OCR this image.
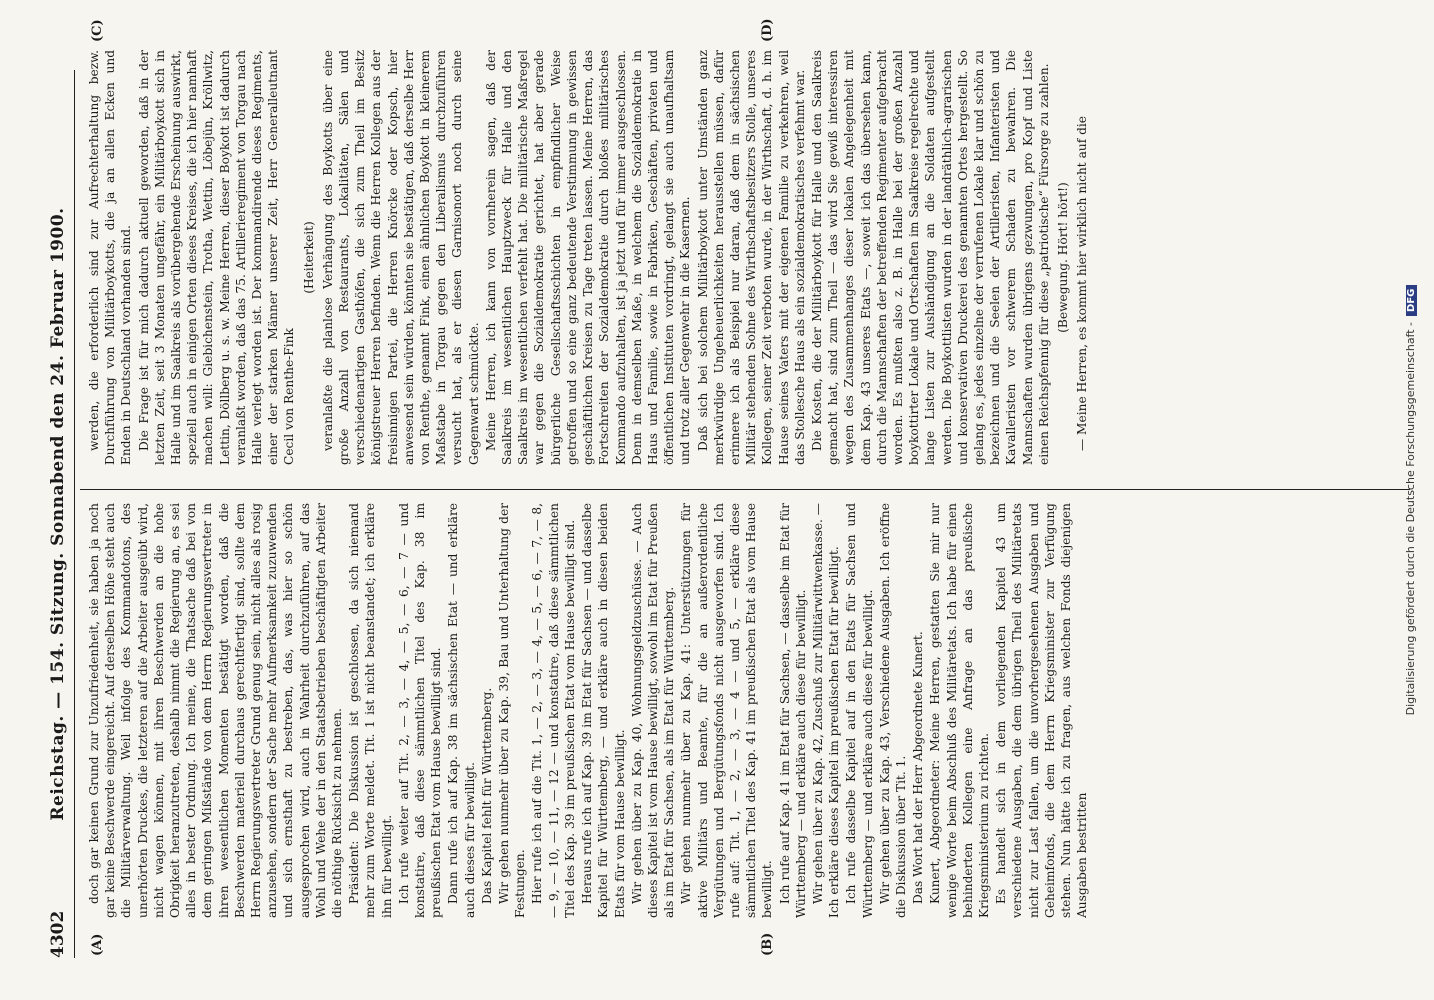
4302
Reichstag. — 154. Sitzung. Sonnabend den 24. Februar 1900.
(A)	(B)
(C)	(D)

doch gar keinen Grund zur Unzufriedenheit, sie haben ja noch gar keine Beschwerde eingereicht. Auf derselben Höhe steht auch die Militärverwaltung. Weil infolge des Kommandotons, des unerhörten Druckes, die letzteren auf die Arbeiter ausgeübt wird, nicht wagen können, mit ihren Beschwerden an die hohe Obrigkeit heranzutreten, deshalb nimmt die Regierung an, es sei alles in bester Ordnung. Ich meine, die Thatsache daß bei von dem geringen Mißstände von dem Herrn Regierungsvertreter in ihren wesentlichen Momenten bestätigt worden, daß die Beschwerden materiell durchaus gerechtfertigt sind, sollte dem Herrn Regierungsvertreter Grund genug sein, nicht alles als rosig anzusehen, sondern der Sache mehr Aufmerksamkeit zuzuwenden und sich ernsthaft zu bestreben, das, was hier so schön ausgesprochen wird, auch in Wahrheit durchzuführen, auf das Wohl und Wehe der in den Staatsbetrieben beschäftigten Arbeiter die nöthige Rücksicht zu nehmen. Präsident: Die Diskussion ist geschlossen, da sich niemand mehr zum Worte meldet. Tit. 1 ist nicht beanstandet; ich erkläre ihn für bewilligt. Ich rufe weiter auf Tit. 2, — 3, — 4, — 5, — 6, — 7 — und konstatire, daß diese sämmtlichen Titel des Kap. 38 im preußischen Etat vom Hause bewilligt sind. Dann rufe ich auf Kap. 38 im sächsischen Etat — und erkläre auch dieses für bewilligt. Das Kapitel fehlt für Württemberg. Wir gehen nunmehr über zu Kap. 39, Bau und Unterhaltung der Festungen. Hier rufe ich auf die Tit. 1, — 2, — 3, — 4, — 5, — 6, — 7, — 8, — 9, — 10, — 11, — 12 — und konstatire, daß diese sämmtlichen Titel des Kap. 39 im preußischen Etat vom Hause bewilligt sind. Heraus rufe ich auf Kap. 39 im Etat für Sachsen — und dasselbe Kapitel für Württemberg, — und erkläre auch in diesen beiden Etats für vom Hause bewilligt. Wir gehen über zu Kap. 40, Wohnungsgeldzuschüsse. — Auch dieses Kapitel ist vom Hause bewilligt, sowohl im Etat für Preußen als im Etat für Sachsen, als im Etat für Württemberg. Wir gehen nunmehr über zu Kap. 41: Unterstützungen für aktive Militärs und Beamte, für die an außerordentliche Vergütungen und Bergütungsfonds nicht ausgeworfen sind. Ich rufe auf: Tit. 1, — 2, — 3, — 4 — und 5, — erkläre diese sämmtlichen Titel des Kap. 41 im preußischen Etat als vom Hause bewilligt. Ich rufe auf Kap. 41 im Etat für Sachsen, — dasselbe im Etat für Württemberg — und erkläre auch diese für bewilligt. Wir gehen über zu Kap. 42, Zuschuß zur Militärwittwenkasse. — Ich erkläre dieses Kapitel im preußischen Etat für bewilligt. Ich rufe dasselbe Kapitel auf in den Etats für Sachsen und Württemberg — und erkläre auch diese für bewilligt. Wir gehen über zu Kap. 43, Verschiedene Ausgaben. Ich eröffne die Diskussion über Tit. 1. Das Wort hat der Herr Abgeordnete Kunert. Kunert, Abgeordneter: Meine Herren, gestatten Sie mir nur wenige Worte beim Abschluß des Militäretats. Ich habe für einen behinderten Kollegen eine Anfrage an das preußische Kriegsministerium zu richten. Es handelt sich in dem vorliegenden Kapitel 43 um verschiedene Ausgaben, die dem übrigen Theil des Militäretats nicht zur Last fallen, um die unvorhergesehenen Ausgaben und Geheimfonds, die dem Herrn Kriegsminister zur Verfügung stehen. Nun hätte ich zu fragen, aus welchen Fonds diejenigen Ausgaben bestritten

werden, die erforderlich sind zur Aufrechterhaltung bezw. Durchführung von Militärboykotts, die ja an allen Ecken und Enden in Deutschland vorhanden sind. Die Frage ist für mich dadurch aktuell geworden, daß in der letzten Zeit, seit 3 Monaten ungefähr, ein Militärboykott sich in Halle und im Saalkreis als vorübergehende Erscheinung auswirkt, speziell auch in einigen Orten dieses Kreises, die ich hier namhaft machen will: Giebichenstein, Trotha, Wettin, Löbejün, Kröllwitz, Lettin, Döllberg u. s. w. Meine Herren, dieser Boykott ist dadurch veranlaßt worden, daß das 75. Artillerieregiment von Torgau nach Halle verlegt worden ist. Der kommandirende dieses Regiments, einer der starken Männer unserer Zeit, Herr Generalleutnant Cecil von Renthe-Fink

(Heiterkeit) veranlaßte die planlose Verhängung des Boykotts über eine große Anzahl von Restaurants, Lokalitäten, Sälen und verschiedenartigen Gasthöfen, die sich zum Theil im Besitz königstreuer Herren befinden. Wenn die Herren Kollegen aus der freisinnigen Partei, die Herren Knörcke oder Kopsch, hier anwesend sein würden, könnten sie bestätigen, daß derselbe Herr von Renthe, genannt Fink, einen ähnlichen Boykott in kleinerem Maßstabe in Torgau gegen den Liberalismus durchzuführen versucht hat, als er diesen Garnisonort noch durch seine Gegenwart schmückte. Meine Herren, ich kann von vornherein sagen, daß der Saalkreis im wesentlichen Hauptzweck für Halle und den Saalkreis im wesentlichen verfehlt hat. Die militärische Maßregel war gegen die Sozialdemokratie gerichtet, hat aber gerade bürgerliche Gesellschaftsschichten in empfindlicher Weise getroffen und so eine ganz bedeutende Verstimmung in gewissen geschäftlichen Kreisen zu Tage treten lassen. Meine Herren, das Fortschreiten der Sozialdemokratie durch bloßes militärisches Kommando aufzuhalten, ist ja jetzt und für immer ausgeschlossen. Denn in demselben Maße, in welchem die Sozialdemokratie in Haus und Familie, sowie in Fabriken, Geschäften, privaten und öffentlichen Instituten vordringt, gelangt sie auch unaufhaltsam und trotz aller Gegenwehr in die Kasernen. Daß sich bei solchem Militärboykott unter Umständen ganz merkwürdige Ungeheuerlichkeiten herausstellen müssen, dafür erinnere ich als Beispiel nur daran, daß dem in sächsischen Militär stehenden Sohne des Wirthschaftsbesitzers Stolle, unseres Kollegen, seiner Zeit verboten wurde, in der Wirthschaft, d. h. im Hause seines Vaters mit der eigenen Familie zu verkehren, weil das Stollesche Haus als ein sozialdemokratisches verfehmt war. Die Kosten, die der Militärboykott für Halle und den Saalkreis gemacht hat, sind zum Theil — das wird Sie gewiß interessiren wegen des Zusammenhanges dieser lokalen Angelegenheit mit dem Kap. 43 unseres Etats —, soweit ich das übersehen kann, durch die Mannschaften der betreffenden Regimenter aufgebracht worden. Es mußten also z. B. in Halle bei der großen Anzahl boykottirter Lokale und Ortschaften im Saalkreise regelrechte und lange Listen zur Aushändigung an die Soldaten aufgestellt werden. Die Boykottlisten wurden in der landräthlich-agrarischen und konservativen Druckerei des genannten Ortes hergestellt. So gelang es, jedes einzelne der verrufenen Lokale klar und schön zu bezeichnen und die Seelen der Artilleristen, Infanteristen und Kavalleristen vor schwerem Schaden zu bewahren. Die Mannschaften wurden übrigens gezwungen, pro Kopf und Liste einen Reichspfennig für diese „patriotische“ Fürsorge zu zahlen. (Bewegung. Hört! hört!) — Meine Herren, es kommt hier wirklich nicht auf die

Digitalisierung gefördert durch die Deutsche Forschungsgemeinschaft -DFG
